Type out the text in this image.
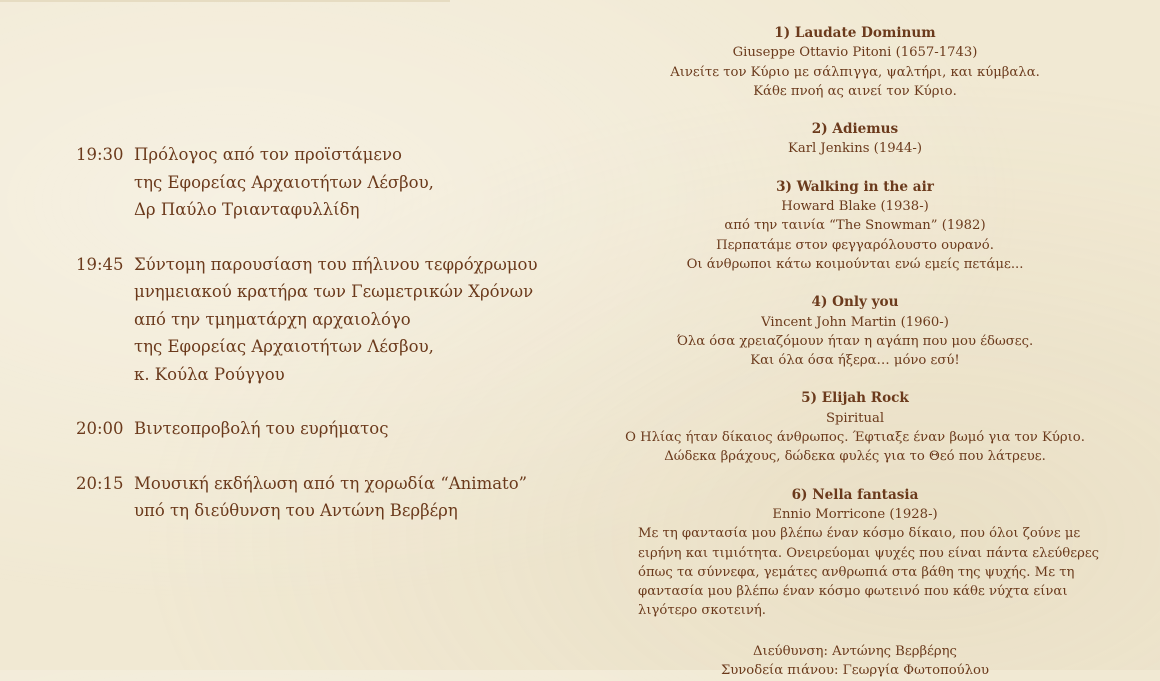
19:30 Πρόλογος από τον προϊστάμενο
της Εφορείας Αρχαιοτήτων Λέσβου,
Δρ Παύλο Τριανταφυλλίδη
19:45 Σύντομη παρουσίαση του πήλινου τεφρόχρωμου
μνημειακού κρατήρα των Γεωμετρικών Χρόνων
από την τμηματάρχη αρχαιολόγο
της Εφορείας Αρχαιοτήτων Λέσβου,
κ. Κούλα Ρούγγου
20:00 Βιντεοπροβολή του ευρήματος
20:15 Μουσική εκδήλωση από τη χορωδία “Animato”
υπό τη διεύθυνση του Αντώνη Βερβέρη
1) Laudate Dominum
Giuseppe Ottavio Pitoni (1657-1743)
Αινείτε τον Κύριο με σάλπιγγα, ψαλτήρι, και κύμβαλα.
Κάθε πνοή ας αινεί τον Κύριο.
2) Adiemus
Karl Jenkins (1944-)
3) Walking in the air
Howard Blake (1938-)
από την ταινία “The Snowman” (1982)
Περπατάμε στον φεγγαρόλουστο ουρανό.
Οι άνθρωποι κάτω κοιμούνται ενώ εμείς πετάμε...
4) Only you
Vincent John Martin (1960-)
Όλα όσα χρειαζόμουν ήταν η αγάπη που μου έδωσες.
Και όλα όσα ήξερα… μόνο εσύ!
5) Elijah Rock
Spiritual
Ο Ηλίας ήταν δίκαιος άνθρωπος. Έφτιαξε έναν βωμό για τον Κύριο.
Δώδεκα βράχους, δώδεκα φυλές για το Θεό που λάτρευε.
6) Nella fantasia
Ennio Morricone (1928-)
Με τη φαντασία μου βλέπω έναν κόσμο δίκαιο, που όλοι ζούνε με ειρήνη και τιμιότητα. Ονειρεύομαι ψυχές που είναι πάντα ελεύθερες όπως τα σύννεφα, γεμάτες ανθρωπιά στα βάθη της ψυχής. Με τη φαντασία μου βλέπω έναν κόσμο φωτεινό που κάθε νύχτα είναι λιγότερο σκοτεινή.
Διεύθυνση: Αντώνης Βερβέρης
Συνοδεία πιάνου: Γεωργία Φωτοπούλου
